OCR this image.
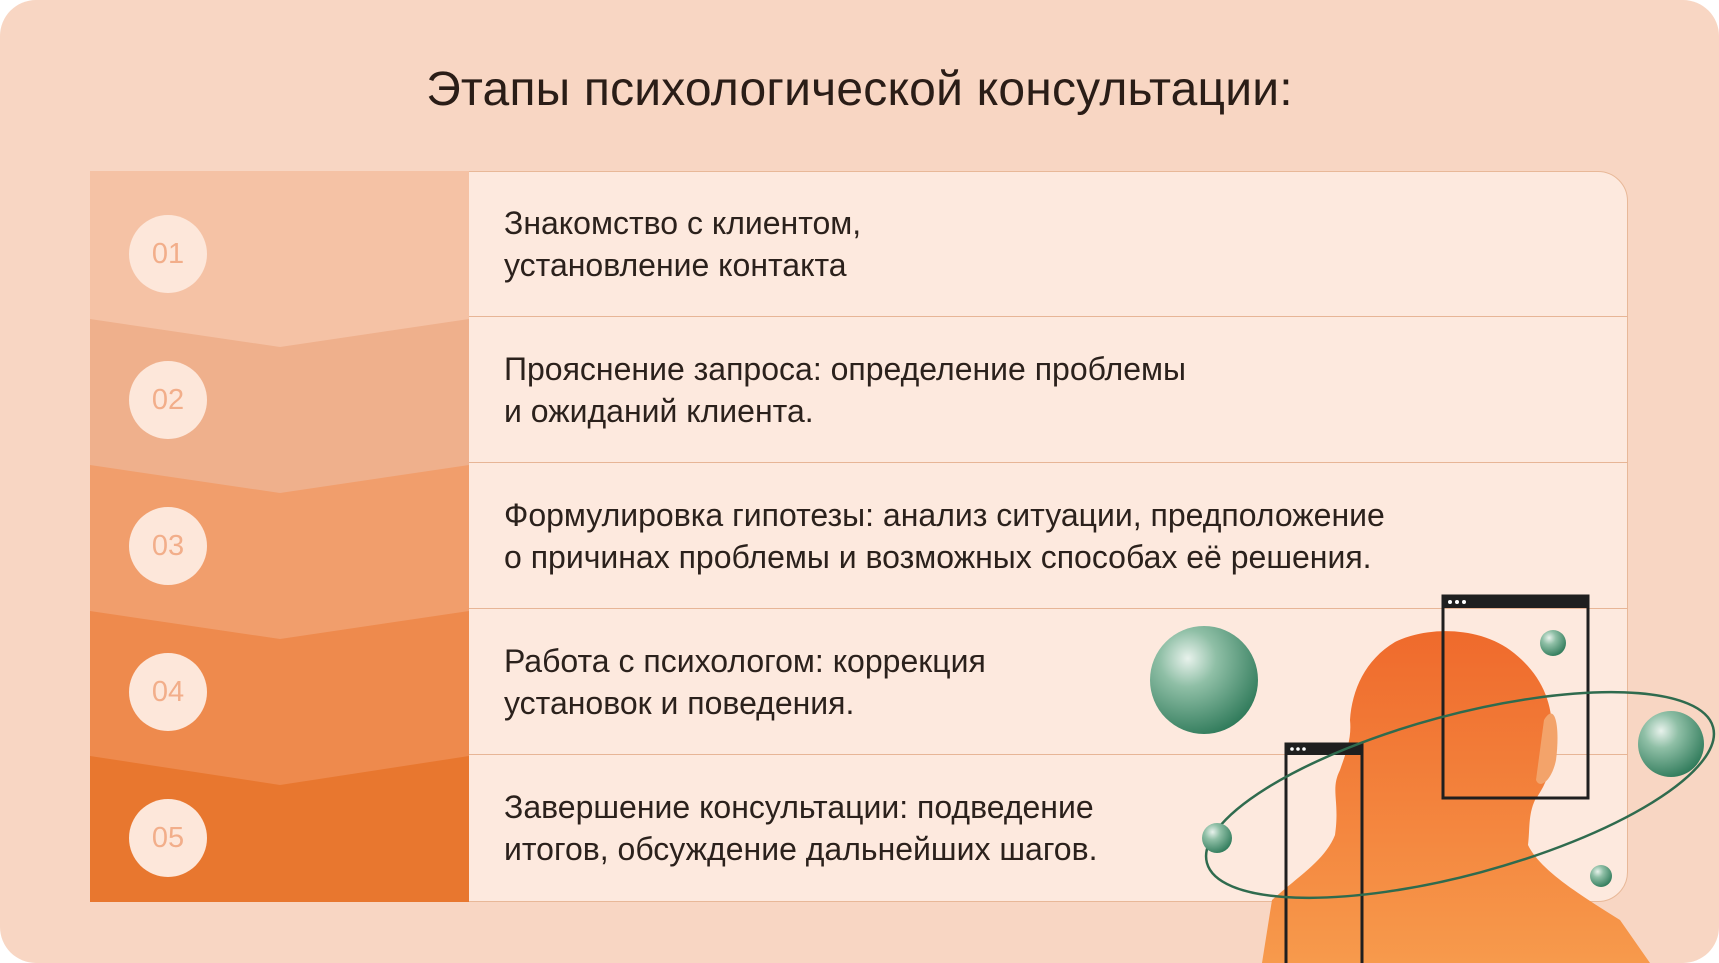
Этапы психологической консультации:
01
02
03
04
05
Знакомство с клиентом,
установление контакта
Прояснение запроса: определение проблемы
и ожиданий клиента.
Формулировка гипотезы: анализ ситуации, предположение
о причинах проблемы и возможных способах её решения.
Работа с психологом: коррекция
установок и поведения.
Завершение консультации: подведение
итогов, обсуждение дальнейших шагов.
